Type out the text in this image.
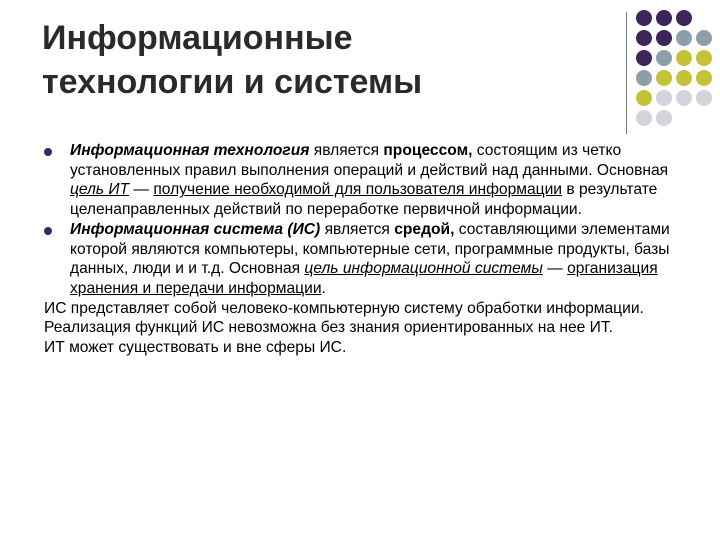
Информационные
технологии и системы

Информационная технология является процессом, состоящим из четко установленных правил выполнения операций и действий над данными. Основная цель ИТ — получение необходимой для пользователя информации в результате целенаправленных действий по переработке первичной информации.

Информационная система (ИС) является средой, составляющими элементами которой являются компьютеры, компьютерные сети, программные продукты, базы данных, люди и и т.д. Основная цель информационной системы — организация хранения и передачи информации.

ИС представляет собой человеко-компьютерную систему обработки информации.

Реализация функций ИС невозможна без знания ориентированных на нее ИТ.

ИТ может существовать и вне сферы ИС.
